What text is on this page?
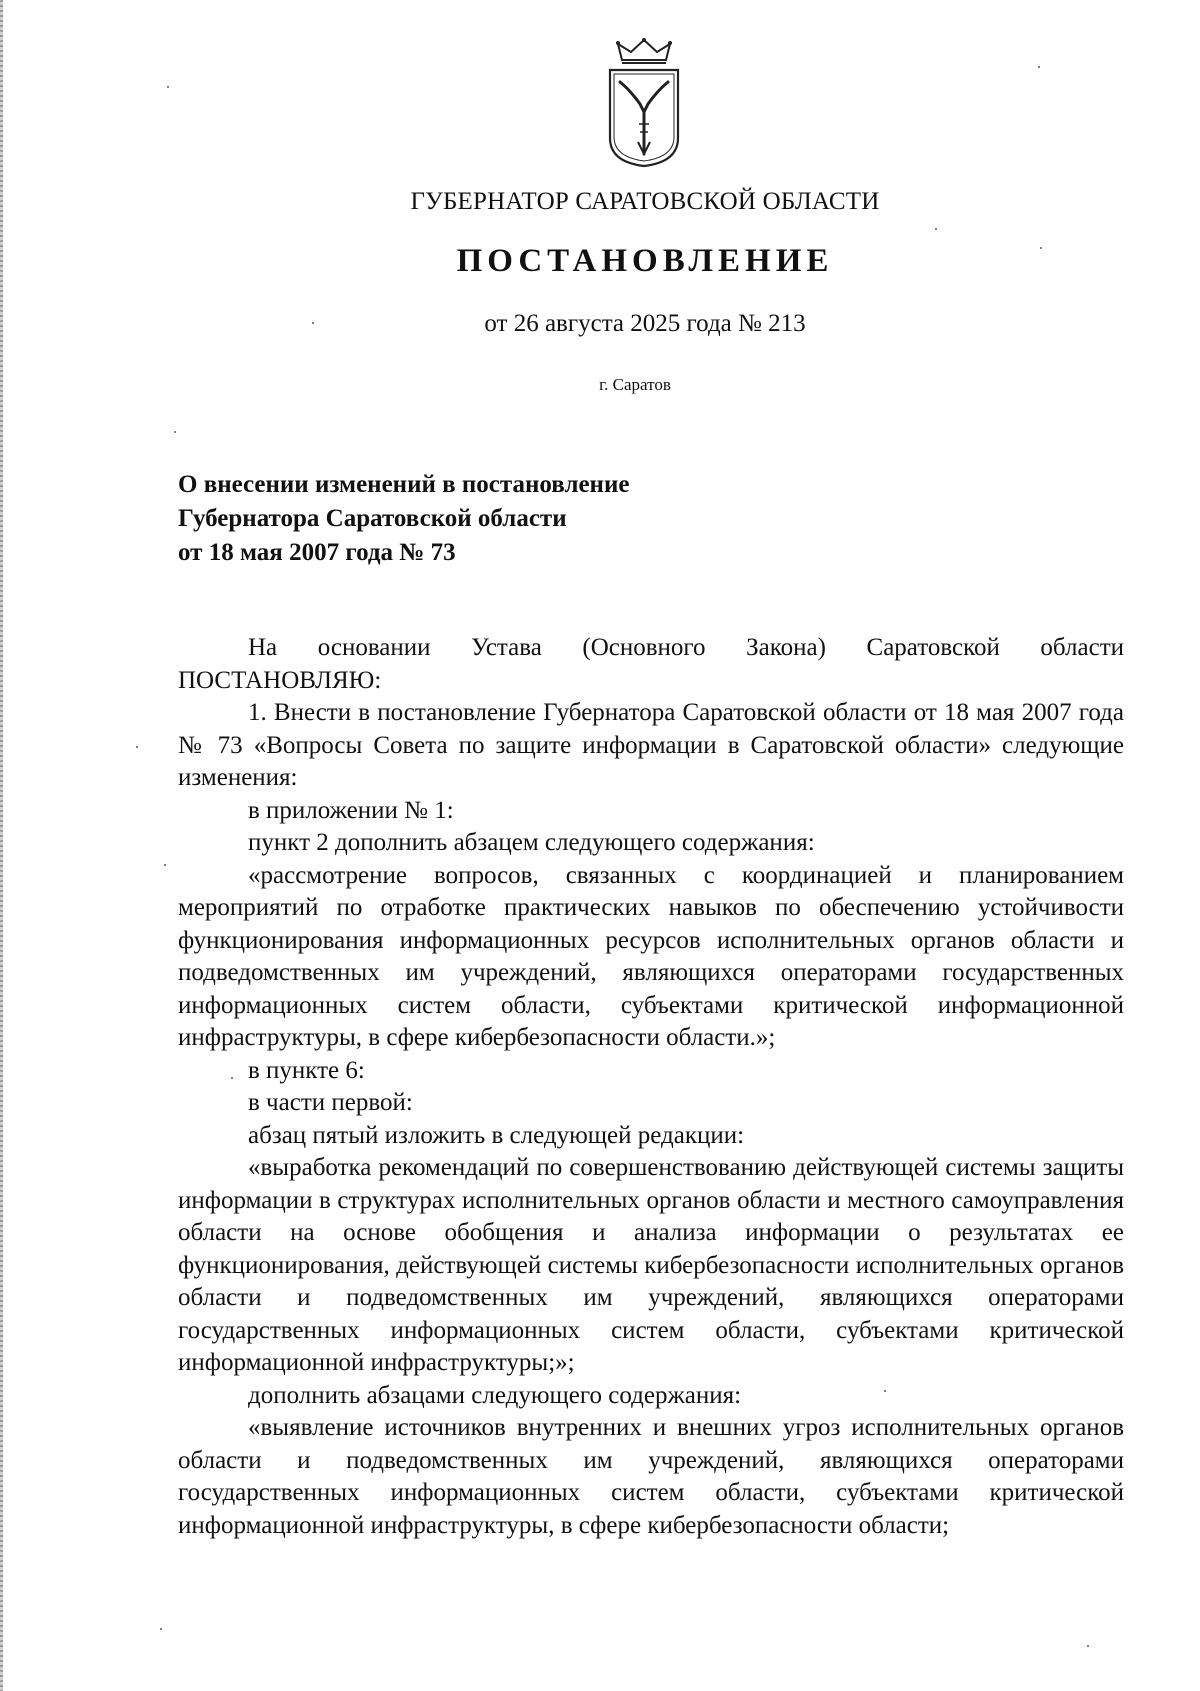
ГУБЕРНАТОР САРАТОВСКОЙ ОБЛАСТИ
ПОСТАНОВЛЕНИЕ
от 26 августа 2025 года № 213
г. Саратов
О внесении изменений в постановление
Губернатора Саратовской области
от 18 мая 2007 года № 73

На основании Устава (Основного Закона) Саратовской области

ПОСТАНОВЛЯЮ:

1. Внести в постановление Губернатора Саратовской области от 18 мая 2007 года № 73 «Вопросы Совета по защите информации в Саратовской области» следующие изменения:

в приложении № 1:

пункт 2 дополнить абзацем следующего содержания:

«рассмотрение вопросов, связанных с координацией и планированием мероприятий по отработке практических навыков по обеспечению устойчивости функционирования информационных ресурсов исполнительных органов области и подведомственных им учреждений, являющихся операторами государственных информационных систем области, субъектами критической информационной инфраструктуры, в сфере кибербезопасности области.»;

в пункте 6:

в части первой:

абзац пятый изложить в следующей редакции:

«выработка рекомендаций по совершенствованию действующей системы защиты информации в структурах исполнительных органов области и местного самоуправления области на основе обобщения и анализа информации о результатах ее функционирования, действующей системы кибербезопасности исполнительных органов области и подведомственных им учреждений, являющихся операторами государственных информационных систем области, субъектами критической информационной инфраструктуры;»;

дополнить абзацами следующего содержания:

«выявление источников внутренних и внешних угроз исполнительных органов области и подведомственных им учреждений, являющихся операторами государственных информационных систем области, субъектами критической информационной инфраструктуры, в сфере кибербезопасности области;
